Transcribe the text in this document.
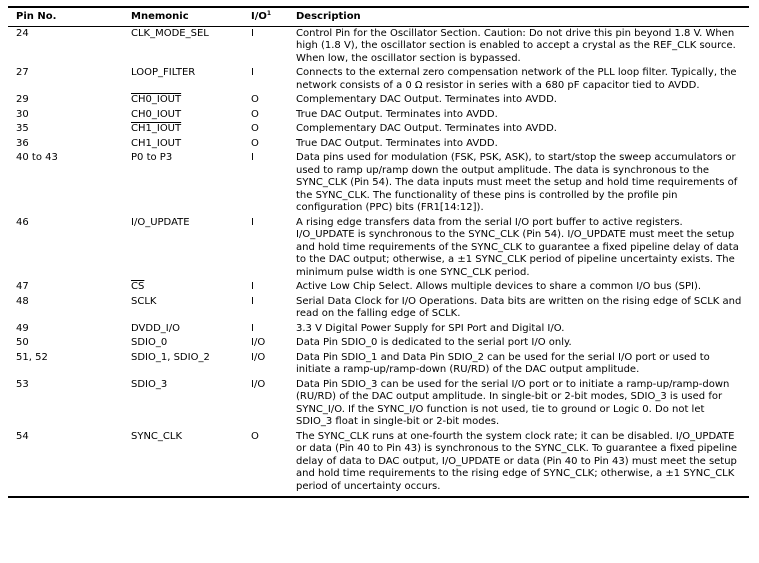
Pin No.	Mnemonic	$I/O^1$	Description
24	CLK_MODE_SEL	I	Control Pin for the Oscillator Section. Caution: Do not drive this pin beyond 1.8 V. When high (1.8 V), the oscillator section is enabled to accept a crystal as the REF_CLK source. When low, the oscillator section is bypassed.
27	LOOP_FILTER	I	Connects to the external zero compensation network of the PLL loop filter. Typically, the network consists of a 0 Ω resistor in series with a 680 pF capacitor tied to AVDD.
29	CH0_IOUT	O	Complementary DAC Output. Terminates into AVDD.
30	CH0_IOUT	O	True DAC Output. Terminates into AVDD.
35	CH1_IOUT	O	Complementary DAC Output. Terminates into AVDD.
36	CH1_IOUT	O	True DAC Output. Terminates into AVDD.
40 to 43	P0 to P3	I	Data pins used for modulation (FSK, PSK, ASK), to start/stop the sweep accumulators or used to ramp up/ramp down the output amplitude. The data is synchronous to the SYNC_CLK (Pin 54). The data inputs must meet the setup and hold time requirements of the SYNC_CLK. The functionality of these pins is controlled by the profile pin configuration (PPC) bits (FR1[14:12]).
46	I/O_UPDATE	I	A rising edge transfers data from the serial I/O port buffer to active registers. I/O_UPDATE is synchronous to the SYNC_CLK (Pin 54). I/O_UPDATE must meet the setup and hold time requirements of the SYNC_CLK to guarantee a fixed pipeline delay of data to the DAC output; otherwise, a ±1 SYNC_CLK period of pipeline uncertainty exists. The minimum pulse width is one SYNC_CLK period.
47	$\overline{CS}$	I	Active Low Chip Select. Allows multiple devices to share a common I/O bus (SPI).
48	SCLK	I	Serial Data Clock for I/O Operations. Data bits are written on the rising edge of SCLK and read on the falling edge of SCLK.
49	DVDD_I/O	I	3.3 V Digital Power Supply for SPI Port and Digital I/O.
50	SDIO_0	I/O	Data Pin SDIO_0 is dedicated to the serial port I/O only.
51, 52	SDIO_1, SDIO_2	I/O	Data Pin SDIO_1 and Data Pin SDIO_2 can be used for the serial I/O port or used to initiate a ramp-up/ramp-down (RU/RD) of the DAC output amplitude.
53	SDIO_3	I/O	Data Pin SDIO_3 can be used for the serial I/O port or to initiate a ramp-up/ramp-down (RU/RD) of the DAC output amplitude. In single-bit or 2-bit modes, SDIO_3 is used for SYNC_I/O. If the SYNC_I/O function is not used, tie to ground or Logic 0. Do not let SDIO_3 float in single-bit or 2-bit modes.
54	SYNC_CLK	O	The SYNC_CLK runs at one-fourth the system clock rate; it can be disabled. I/O_UPDATE or data (Pin 40 to Pin 43) is synchronous to the SYNC_CLK. To guarantee a fixed pipeline delay of data to DAC output, I/O_UPDATE or data (Pin 40 to Pin 43) must meet the setup and hold time requirements to the rising edge of SYNC_CLK; otherwise, a ±1 SYNC_CLK period of uncertainty occurs.
